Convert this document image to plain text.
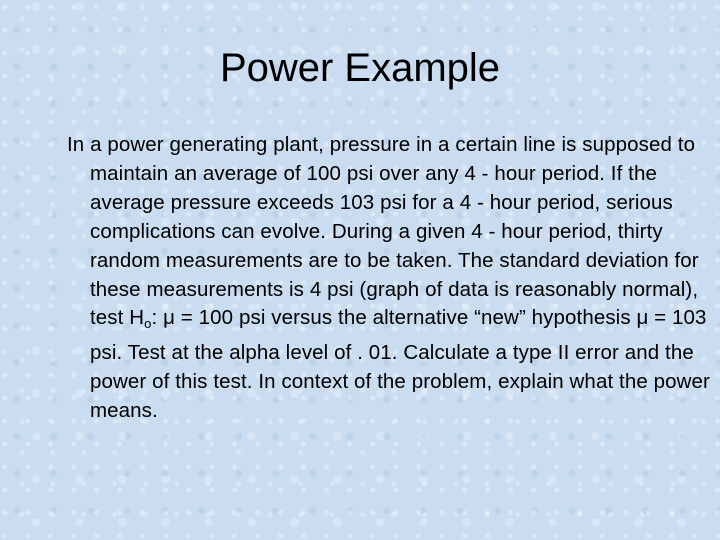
Power Example

In a power generating plant, pressure in a certain line is supposed to maintain an average of 100 psi over any 4 - hour period. If the average pressure exceeds 103 psi for a 4 - hour period, serious complications can evolve. During a given 4 - hour period, thirty random measurements are to be taken. The standard deviation for these measurements is 4 psi (graph of data is reasonably normal), test $H_o$: μ = 100 psi versus the alternative “new” hypothesis μ = 103 psi. Test at the alpha level of . 01. Calculate a type II error and the power of this test. In context of the problem, explain what the power means.
